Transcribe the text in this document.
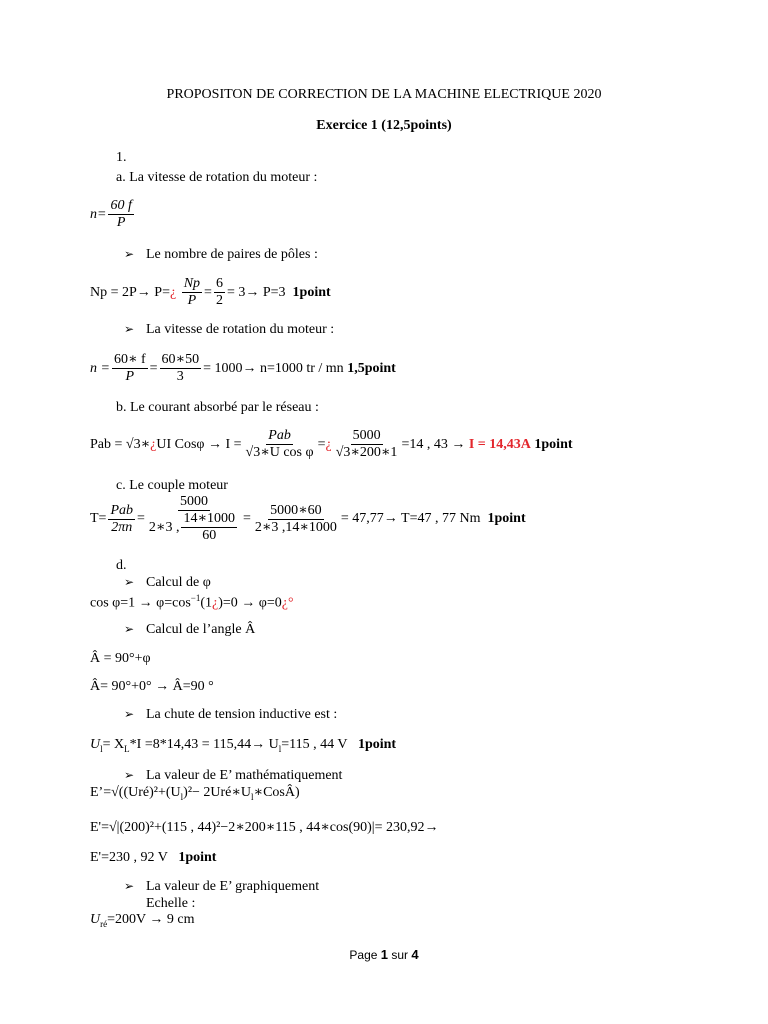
PROPOSITON DE CORRECTION DE LA MACHINE ELECTRIQUE 2020
Exercice 1 (12,5points)
1.
a. La vitesse de rotation du moteur :
$n= \frac{60 f}{P}$
➢ Le nombre de paires de pôles :
Np = 2P→ P= ¿
$\frac{Np}{P} = \frac{6}{2} = 3\to P=3$
1point
➢ La vitesse de rotation du moteur :
$n = \frac{60∗ f}{P} = \frac{60∗50}{3} = 1000\to n=1000$ tr / mn
1,5point
b. Le courant absorbé par le réseau :
Pab = √3∗ ¿ UI $Cos\varphi \to I = \frac{\text{Pab}}{\text{√3∗U cos φ}}$ = ¿ $\frac{5000}{√3∗200∗1} =14$ , 43 →
I = 14,43A
1point
c. Le couple moteur
$T= \frac{\text{Pab}}{2\pi n} = \frac{5000}{2∗3 , \frac{14∗1000}{60}} = \frac{5000∗60}{2∗3 ,14∗1000} = 47,77\to T=47$ , 77 Nm
1point
d.
➢ Calcul de φ
$\cos \varphi=1 \to \varphi=\cos^{-1}(1¿)=0$ → φ=0¿°
➢ Calcul de l’angle Â
Â = 90°+φ
Â= 90°+0° → Â=90 °
➢ La chute de tension inductive est :
$U_l= X_L*I =8*14,43 = 115,44\to U_l=115$ , 44 V 1point
➢ La valeur de E’ mathématiquement
$E’=√((Uré)^2+(U_l)^2-$ $2Uré∗U_l∗CosÂ$)
E'=√|(200)²+(115 , 44)²−2∗200∗115 , 44∗cos(90)|= 230,92→
E'=230 , 92 V 1point
➢ La valeur de E’ graphiquement
Echelle :
$U_{ré}=200V \to 9$ cm
Page 1 sur 4
